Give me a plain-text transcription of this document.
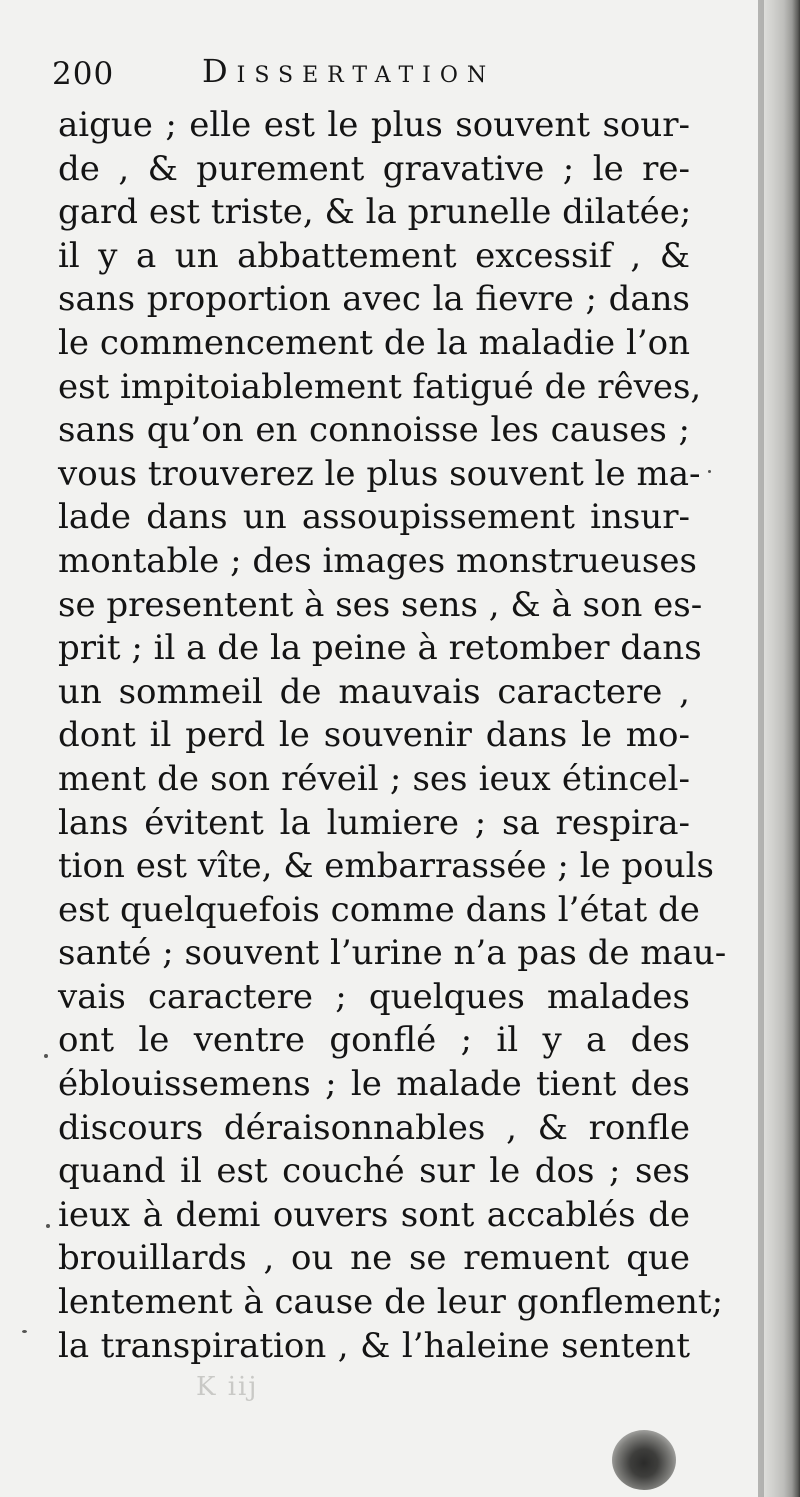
200	Dissertation
aigue ; elle est le plus souvent sour-
de , & purement gravative ; le re-
gard est triste, & la prunelle dilatée;
il y a un abbattement excessif , &
sans proportion avec la fievre ; dans
le commencement de la maladie l’on
est impitoiablement fatigué de rêves,
sans qu’on en connoisse les causes ;
vous trouverez le plus souvent le ma-
lade dans un assoupissement insur-
montable ; des images monstrueuses
se presentent à ses sens , & à son es-
prit ; il a de la peine à retomber dans
un sommeil de mauvais caractere ,
dont il perd le souvenir dans le mo-
ment de son réveil ; ses ieux étincel-
lans évitent la lumiere ; sa respira-
tion est vîte, & embarrassée ; le pouls
est quelquefois comme dans l’état de
santé ; souvent l’urine n’a pas de mau-
vais caractere ; quelques malades
ont le ventre gonflé ; il y a des
éblouissemens ; le malade tient des
discours déraisonnables , & ronfle
quand il est couché sur le dos ; ses
ieux à demi ouvers sont accablés de
brouillards , ou ne se remuent que
lentement à cause de leur gonflement;
la transpiration , & l’haleine sentent
K iij
